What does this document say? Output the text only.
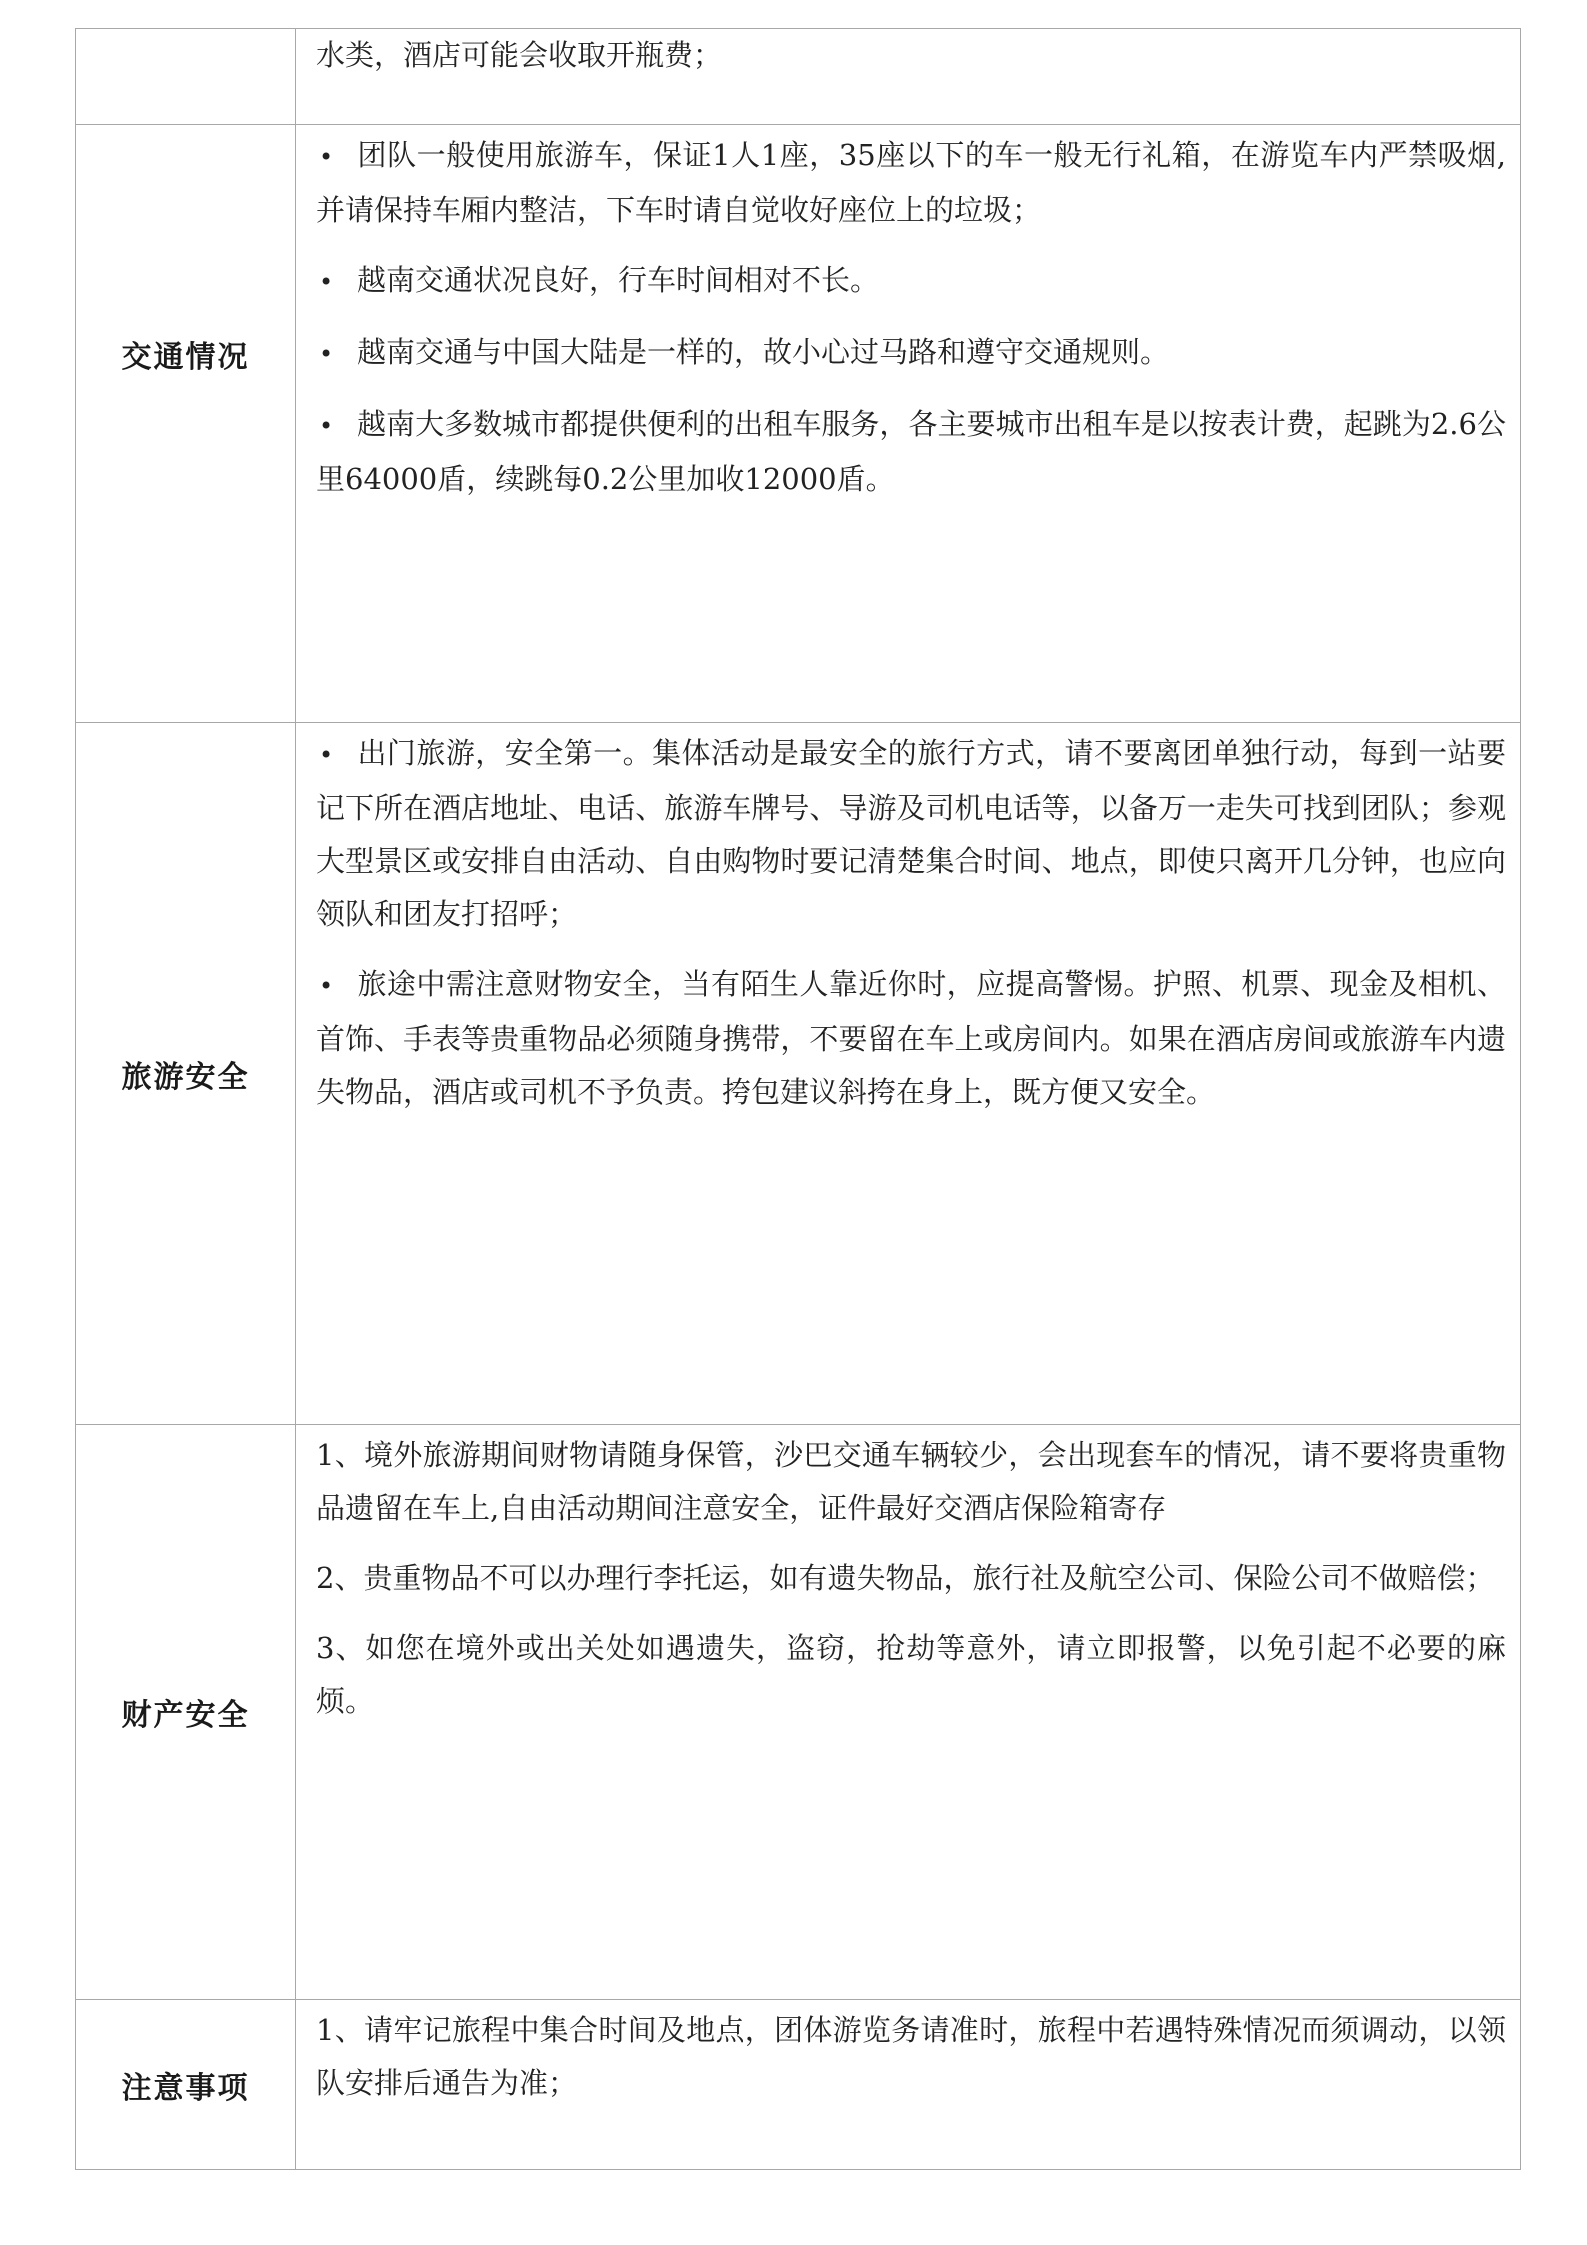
	水类，酒店可能会收取开瓶费；

交通情况	• 团队一般使用旅游车，保证1人1座，35座以下的车一般无行礼箱，在游览车内严禁吸烟,并请保持车厢内整洁，下车时请自觉收好座位上的垃圾；

• 越南交通状况良好，行车时间相对不长。

• 越南交通与中国大陆是一样的，故小心过马路和遵守交通规则。

• 越南大多数城市都提供便利的出租车服务，各主要城市出租车是以按表计费，起跳为2.6公里64000盾，续跳每0.2公里加收12000盾。

旅游安全	• 出门旅游，安全第一。集体活动是最安全的旅行方式，请不要离团单独行动，每到一站要记下所在酒店地址、电话、旅游车牌号、导游及司机电话等，以备万一走失可找到团队；参观大型景区或安排自由活动、自由购物时要记清楚集合时间、地点，即使只离开几分钟，也应向领队和团友打招呼；

• 旅途中需注意财物安全，当有陌生人靠近你时，应提高警惕。护照、机票、现金及相机、首饰、手表等贵重物品必须随身携带，不要留在车上或房间内。如果在酒店房间或旅游车内遗失物品，酒店或司机不予负责。挎包建议斜挎在身上，既方便又安全。

财产安全	1、境外旅游期间财物请随身保管，沙巴交通车辆较少，会出现套车的情况，请不要将贵重物品遗留在车上,自由活动期间注意安全，证件最好交酒店保险箱寄存

2、贵重物品不可以办理行李托运，如有遗失物品，旅行社及航空公司、保险公司不做赔偿；

3、如您在境外或出关处如遇遗失，盗窃，抢劫等意外，请立即报警，以免引起不必要的麻烦。

注意事项	1、请牢记旅程中集合时间及地点，团体游览务请准时，旅程中若遇特殊情况而须调动，以领队安排后通告为准；
